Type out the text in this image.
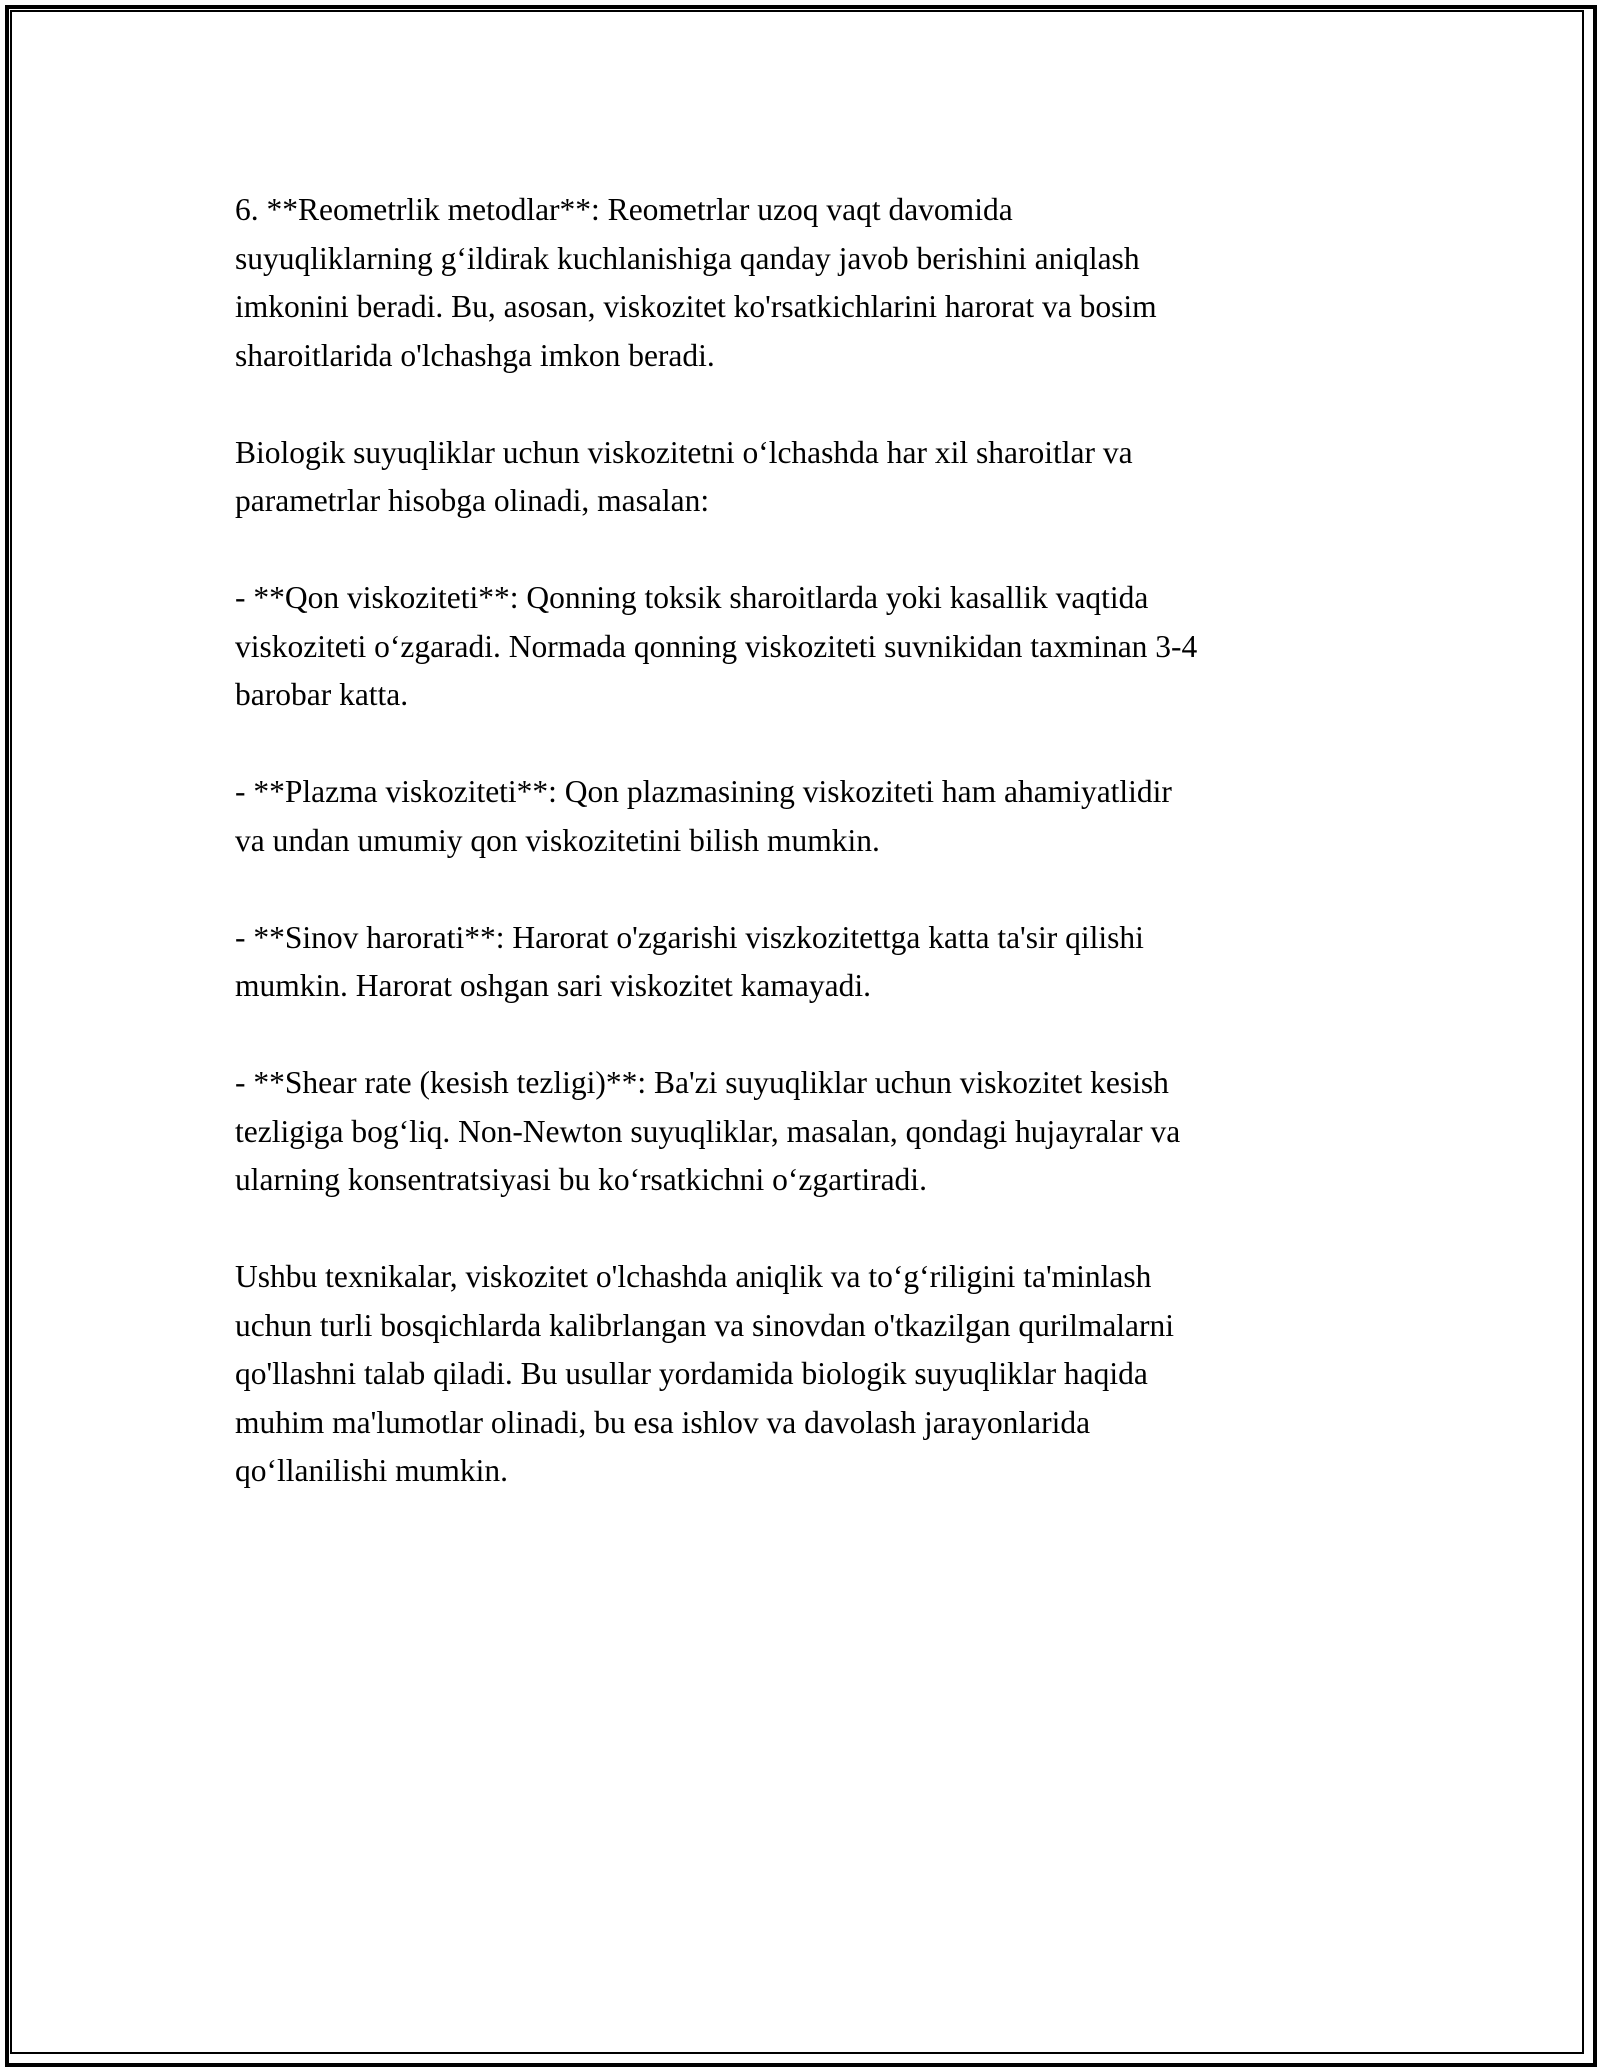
6. **Reometrlik metodlar**: Reometrlar uzoq vaqt davomida
suyuqliklarning g‘ildirak kuchlanishiga qanday javob berishini aniqlash
imkonini beradi. Bu, asosan, viskozitet ko'rsatkichlarini harorat va bosim
sharoitlarida o'lchashga imkon beradi.

Biologik suyuqliklar uchun viskozitetni o‘lchashda har xil sharoitlar va
parametrlar hisobga olinadi, masalan:

- **Qon viskoziteti**: Qonning toksik sharoitlarda yoki kasallik vaqtida
viskoziteti o‘zgaradi. Normada qonning viskoziteti suvnikidan taxminan 3-4
barobar katta.

- **Plazma viskoziteti**: Qon plazmasining viskoziteti ham ahamiyatlidir
va undan umumiy qon viskozitetini bilish mumkin.

- **Sinov harorati**: Harorat o'zgarishi viszkozitettga katta ta'sir qilishi
mumkin. Harorat oshgan sari viskozitet kamayadi.

- **Shear rate (kesish tezligi)**: Ba'zi suyuqliklar uchun viskozitet kesish
tezligiga bog‘liq. Non-Newton suyuqliklar, masalan, qondagi hujayralar va
ularning konsentratsiyasi bu ko‘rsatkichni o‘zgartiradi.

Ushbu texnikalar, viskozitet o'lchashda aniqlik va to‘g‘riligini ta'minlash
uchun turli bosqichlarda kalibrlangan va sinovdan o'tkazilgan qurilmalarni
qo'llashni talab qiladi. Bu usullar yordamida biologik suyuqliklar haqida
muhim ma'lumotlar olinadi, bu esa ishlov va davolash jarayonlarida
qo‘llanilishi mumkin.
